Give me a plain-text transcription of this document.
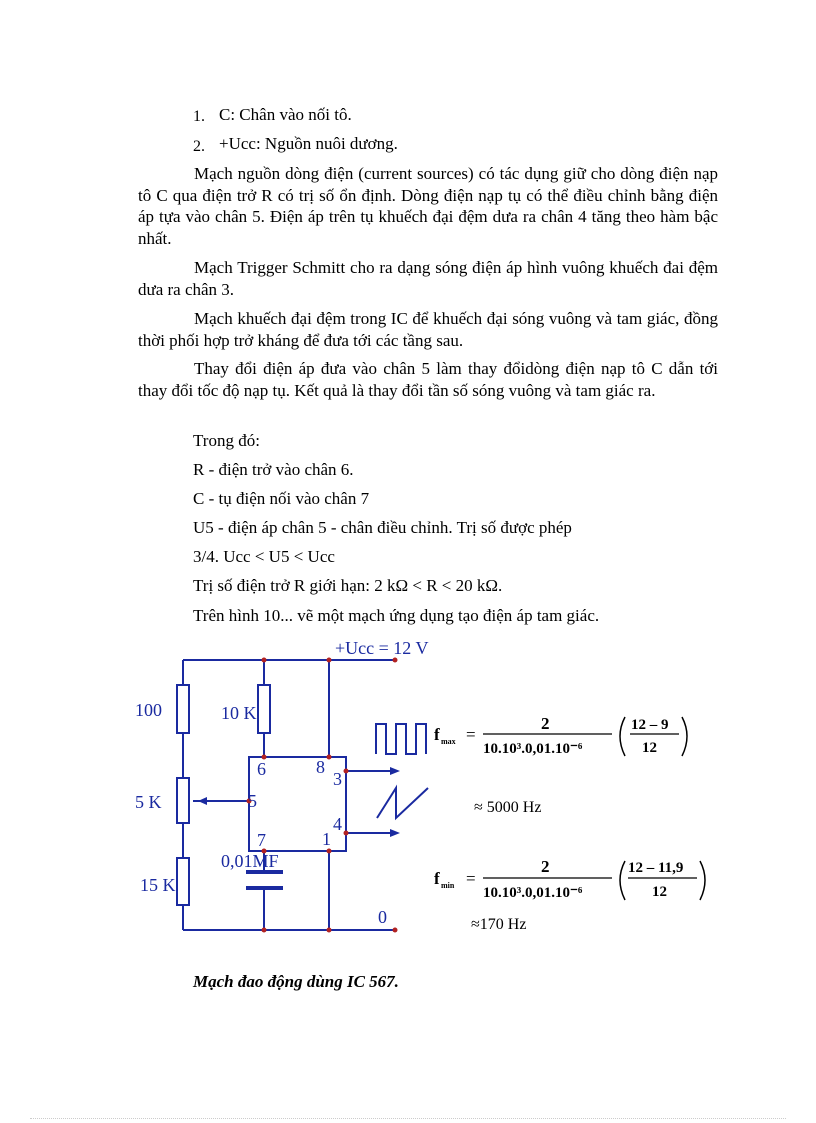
1. C: Chân vào nối tô.
2. +Ucc: Nguồn nuôi dương.
Mạch nguồn dòng điện (current sources) có tác dụng giữ cho dòng điện nạp tô C qua điện trở R có trị số ổn định. Dòng điện nạp tụ có thể điều chỉnh bằng điện áp tựa vào chân 5. Điện áp trên tụ khuếch đại đệm dưa ra chân 4 tăng theo hàm bậc nhất.
Mạch Trigger Schmitt cho ra dạng sóng điện áp hình vuông khuếch đai đệm dưa ra chân 3.
Mạch khuếch đại đệm trong IC để khuếch đại sóng vuông và tam giác, đồng thời phối hợp trở kháng để đưa tới các tầng sau.
Thay đổi điện áp đưa vào chân 5 làm thay đổidòng điện nạp tô C dẫn tới thay đổi tốc độ nạp tụ. Kết quả là thay đổi tần số sóng vuông và tam giác ra.
Trong đó:
R - điện trở vào chân 6.
C - tụ điện nối vào chân 7
U5 - điện áp chân 5 - chân điều chỉnh. Trị số được phép
3/4. Ucc < U5 < Ucc
Trị số điện trở R giới hạn: 2 kΩ < R < 20 kΩ.
Trên hình 10... vẽ một mạch ứng dụng tạo điện áp tam giác.
+Ucc = 12 V
0
100	10 K
5 K
15 K
0,01MF
6	8
3
5
4
7	1
f max =
2
10.10³.0,01.10⁻⁶
12 – 9
12
≈ 5000 Hz
f min =
2
10.10³.0,01.10⁻⁶
12 – 11,9
12
≈170 Hz
Mạch đao động dùng IC 567.
